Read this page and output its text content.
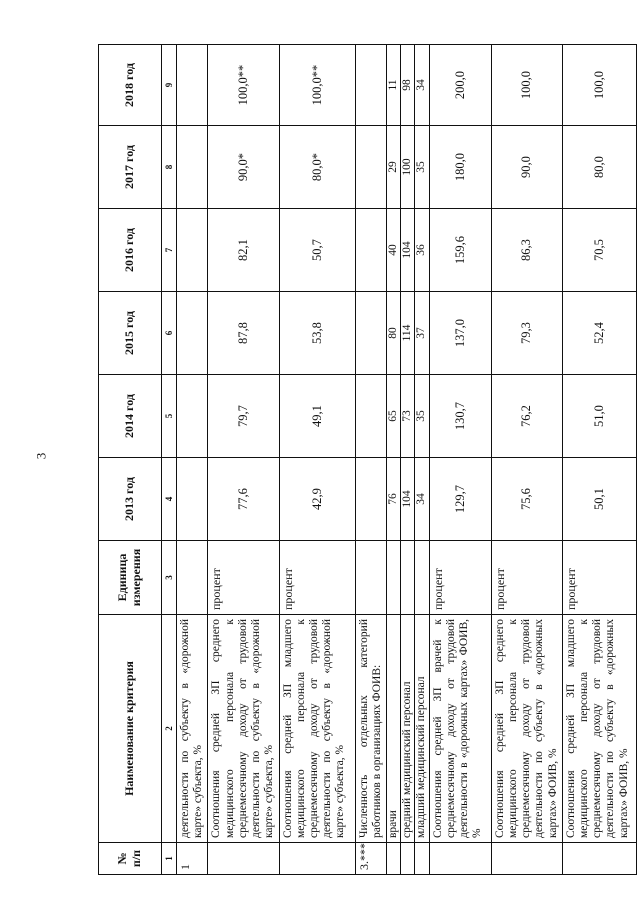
3
№ п/п	Наименование критерия	Единица измерения	2013 год	2014 год	2015 год	2016 год	2017 год	2018 год
1	2	3	4	5	6	7	8	9
1	деятельности по субъекту в «дорожной карте» субъекта, %							
	Соотношения средней ЗП среднего медицинского персонала к среднемесячному доходу от трудовой деятельности по субъекту в «дорожной карте» субъекта, %	процент	77,6	79,7	87,8	82,1	90,0*	100,0**
	Соотношения средней ЗП младшего медицинского персонала к среднемесячному доходу от трудовой деятельности по субъекту в «дорожной карте» субъекта, %	процент	42,9	49,1	53,8	50,7	80,0*	100,0**
3.***	Численность отдельных категорий работников в организациях ФОИВ:							
	врачи		76	65	80	40	29	11
	средний медицинский персонал		104	73	114	104	100	98
	младший медицинский персонал		34	35	37	36	35	34
	Соотношения средней ЗП врачей к среднемесячному доходу от трудовой деятельности в «дорожных картах» ФОИВ, %	процент	129,7	130,7	137,0	159,6	180,0	200,0
	Соотношения средней ЗП среднего медицинского персонала к среднемесячному доходу от трудовой деятельности по субъекту в «дорожных картах» ФОИВ, %	процент	75,6	76,2	79,3	86,3	90,0	100,0
	Соотношения средней ЗП младшего медицинского персонала к среднемесячному доходу от трудовой деятельности по субъекту в «дорожных картах» ФОИВ, %	процент	50,1	51,0	52,4	70,5	80,0	100,0
